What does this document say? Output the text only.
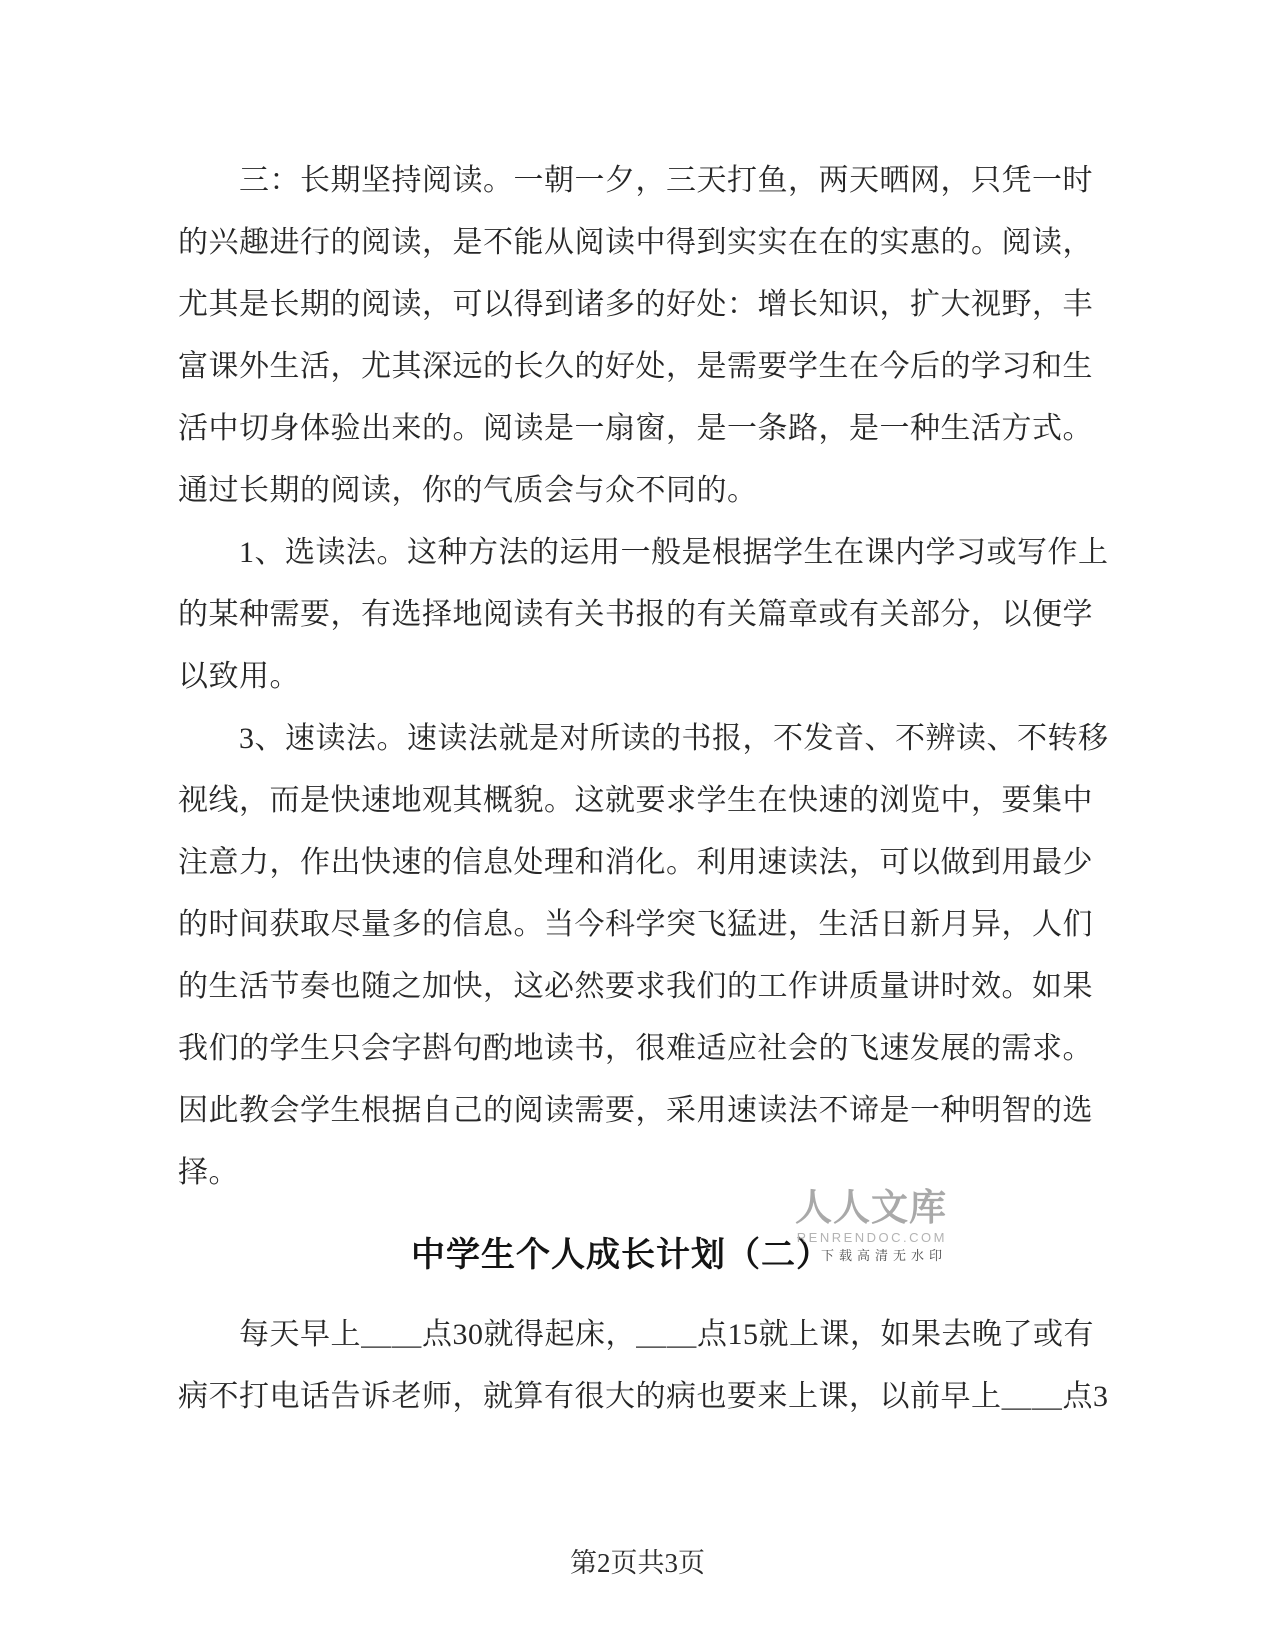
　　三：长期坚持阅读。一朝一夕，三天打鱼，两天晒网，只凭一时
的兴趣进行的阅读，是不能从阅读中得到实实在在的实惠的。阅读，
尤其是长期的阅读，可以得到诸多的好处：增长知识，扩大视野，丰
富课外生活，尤其深远的长久的好处，是需要学生在今后的学习和生
活中切身体验出来的。阅读是一扇窗，是一条路，是一种生活方式。
通过长期的阅读，你的气质会与众不同的。
　　1、选读法。这种方法的运用一般是根据学生在课内学习或写作上
的某种需要，有选择地阅读有关书报的有关篇章或有关部分，以便学
以致用。
　　3、速读法。速读法就是对所读的书报，不发音、不辨读、不转移
视线，而是快速地观其概貌。这就要求学生在快速的浏览中，要集中
注意力，作出快速的信息处理和消化。利用速读法，可以做到用最少
的时间获取尽量多的信息。当今科学突飞猛进，生活日新月异，人们
的生活节奏也随之加快，这必然要求我们的工作讲质量讲时效。如果
我们的学生只会字斟句酌地读书，很难适应社会的飞速发展的需求。
因此教会学生根据自己的阅读需要，采用速读法不谛是一种明智的选
择。
中学生个人成长计划（二）
　　每天早上＿＿点30就得起床，＿＿点15就上课，如果去晚了或有
病不打电话告诉老师，就算有很大的病也要来上课，以前早上＿＿点3
人人文库
RENRENDOC.COM
下载高清无水印
第2页共3页
